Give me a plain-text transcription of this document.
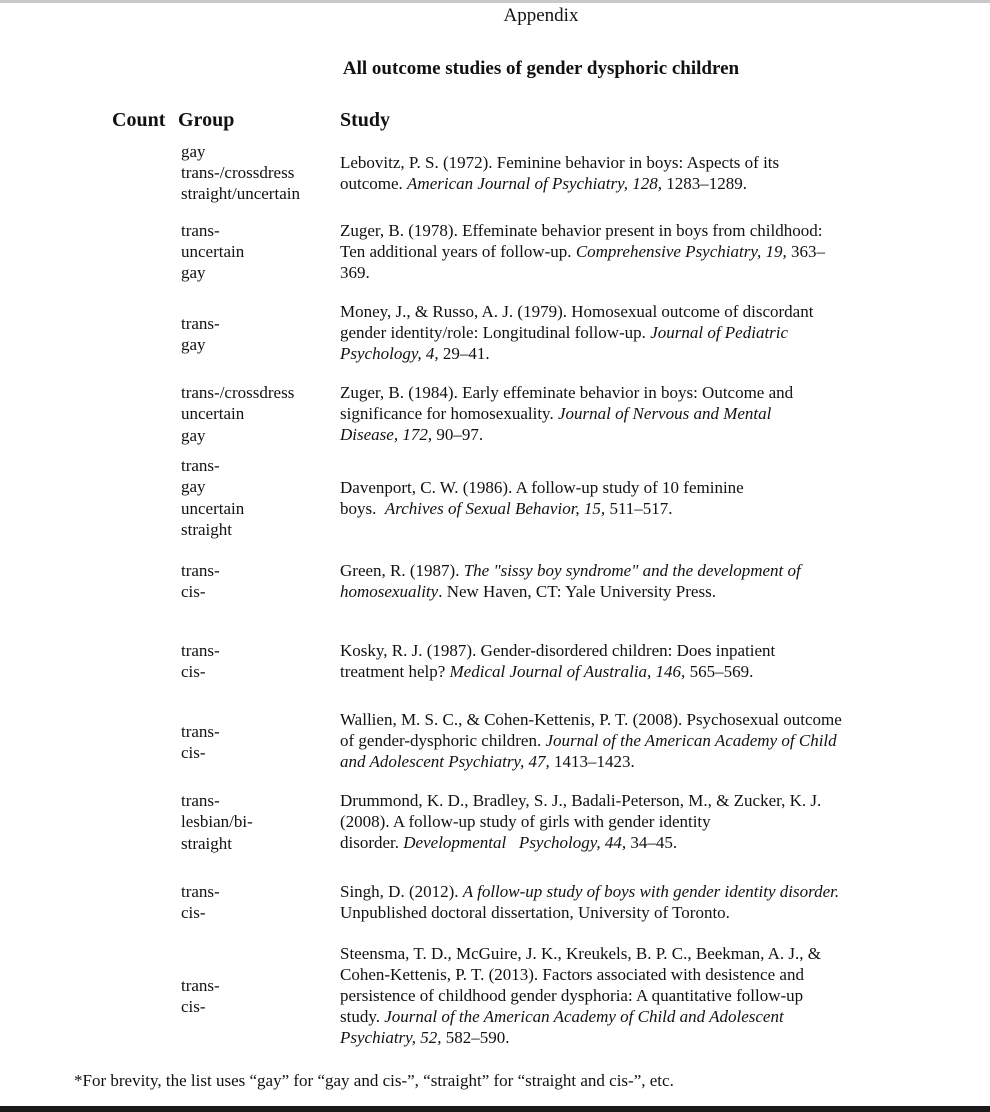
Appendix
All outcome studies of gender dysphoric children
Count Group	Study
gay
trans-/crossdress
straight/uncertain
Lebovitz, P. S. (1972). Feminine behavior in boys: Aspects of its
outcome. American Journal of Psychiatry, 128, 1283–1289.
trans-
uncertain
gay
Zuger, B. (1978). Effeminate behavior present in boys from childhood:
Ten additional years of follow-up. Comprehensive Psychiatry, 19, 363–
369.
trans-
gay
Money, J., & Russo, A. J. (1979). Homosexual outcome of discordant
gender identity/role: Longitudinal follow-up. Journal of Pediatric
Psychology, 4, 29–41.
trans-/crossdress
uncertain
gay
Zuger, B. (1984). Early effeminate behavior in boys: Outcome and
significance for homosexuality. Journal of Nervous and Mental
Disease, 172, 90–97.
trans-
gay
uncertain
straight
Davenport, C. W. (1986). A follow-up study of 10 feminine
boys.  Archives of Sexual Behavior, 15, 511–517.
trans-
cis-
Green, R. (1987). The "sissy boy syndrome" and the development of
homosexuality. New Haven, CT: Yale University Press.
trans-
cis-
Kosky, R. J. (1987). Gender-disordered children: Does inpatient
treatment help? Medical Journal of Australia, 146, 565–569.
trans-
cis-
Wallien, M. S. C., & Cohen-Kettenis, P. T. (2008). Psychosexual outcome
of gender-dysphoric children. Journal of the American Academy of Child
and Adolescent Psychiatry, 47, 1413–1423.
trans-
lesbian/bi-
straight
Drummond, K. D., Bradley, S. J., Badali-Peterson, M., & Zucker, K. J.
(2008). A follow-up study of girls with gender identity
disorder. Developmental   Psychology, 44, 34–45.
trans-
cis-
Singh, D. (2012). A follow-up study of boys with gender identity disorder.
Unpublished doctoral dissertation, University of Toronto.
trans-
cis-
Steensma, T. D., McGuire, J. K., Kreukels, B. P. C., Beekman, A. J., &
Cohen-Kettenis, P. T. (2013). Factors associated with desistence and
persistence of childhood gender dysphoria: A quantitative follow-up
study. Journal of the American Academy of Child and Adolescent
Psychiatry, 52, 582–590.
*For brevity, the list uses “gay” for “gay and cis-”, “straight” for “straight and cis-”, etc.
